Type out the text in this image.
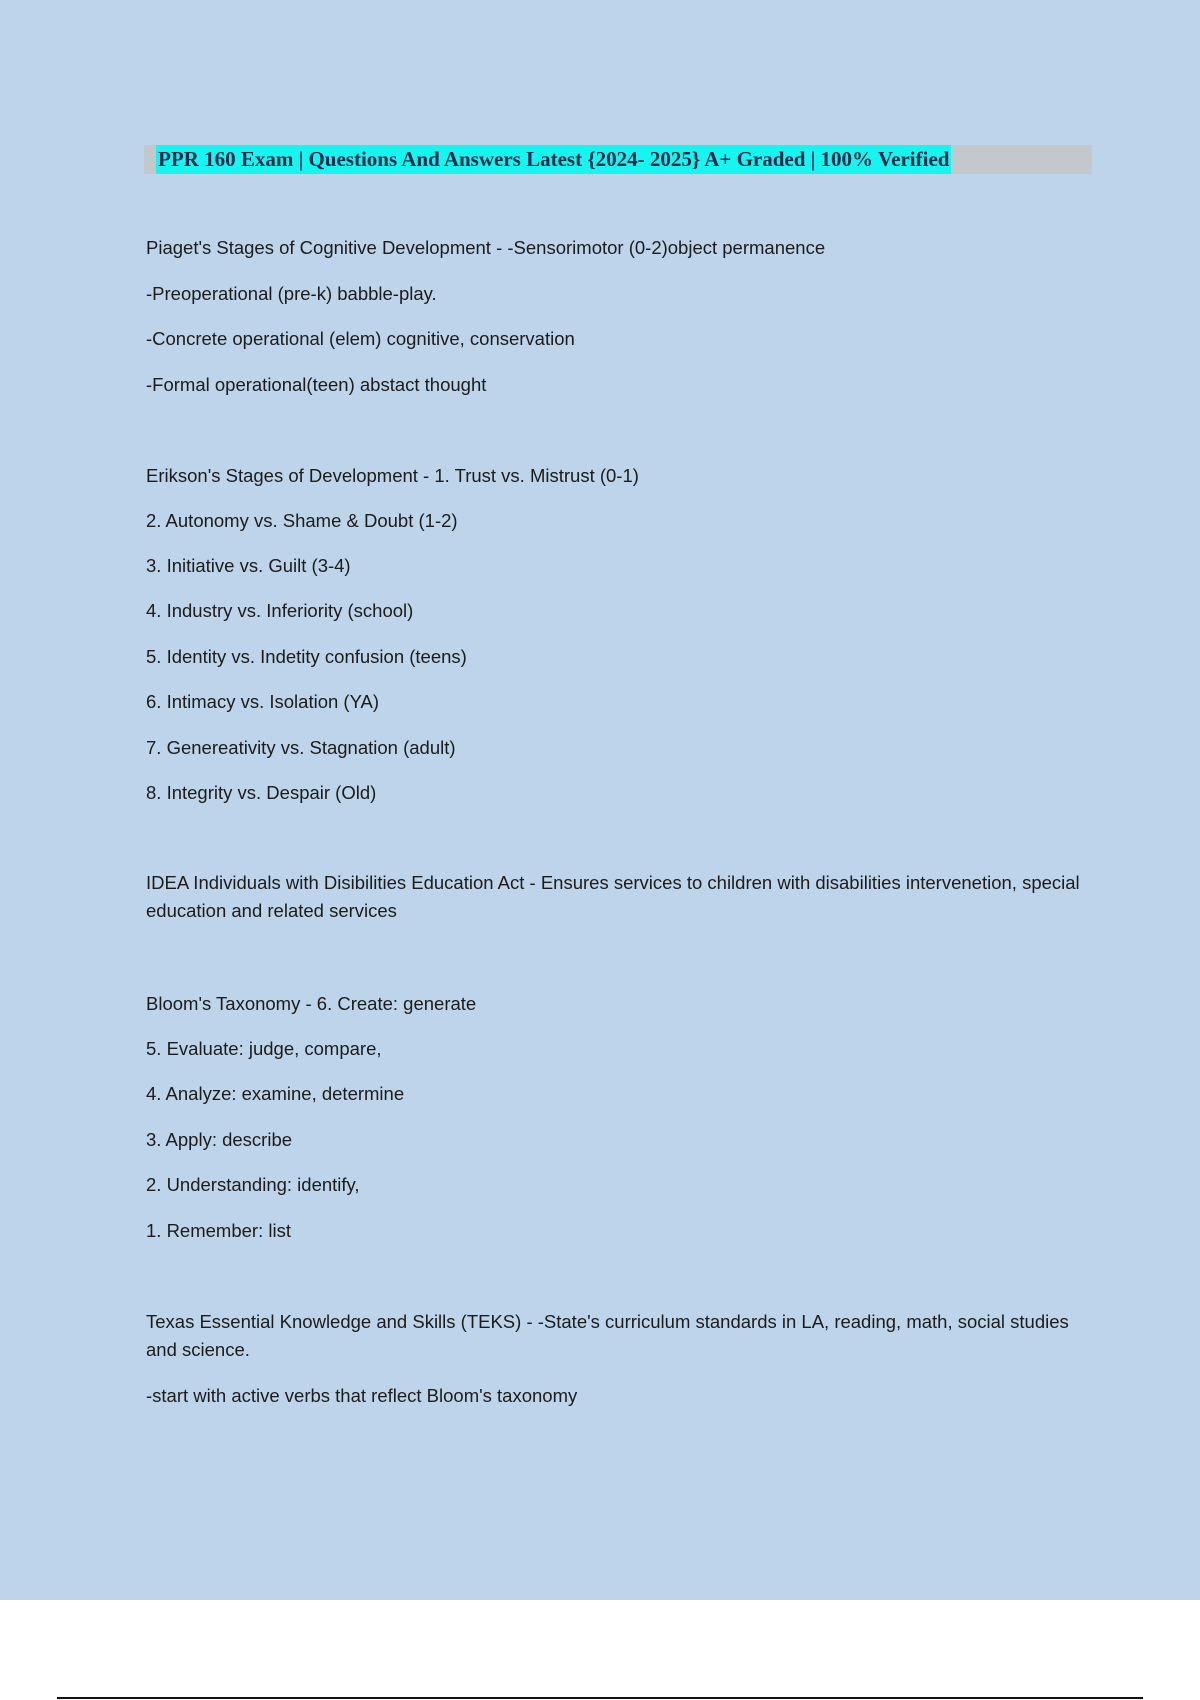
PPR 160 Exam | Questions And Answers Latest {2024- 2025} A+ Graded | 100% Verified
Piaget's Stages of Cognitive Development - -Sensorimotor (0-2)object permanence
-Preoperational (pre-k) babble-play.
-Concrete operational (elem) cognitive, conservation
-Formal operational(teen) abstact thought
Erikson's Stages of Development - 1. Trust vs. Mistrust (0-1)
2. Autonomy vs. Shame & Doubt (1-2)
3. Initiative vs. Guilt (3-4)
4. Industry vs. Inferiority (school)
5. Identity vs. Indetity confusion (teens)
6. Intimacy vs. Isolation (YA)
7. Genereativity vs. Stagnation (adult)
8. Integrity vs. Despair (Old)
IDEA Individuals with Disibilities Education Act - Ensures services to children with disabilities intervenetion, special education and related services
Bloom's Taxonomy - 6. Create: generate
5. Evaluate: judge, compare,
4. Analyze: examine, determine
3. Apply: describe
2. Understanding: identify,
1. Remember: list
Texas Essential Knowledge and Skills (TEKS) - -State's curriculum standards in LA, reading, math, social studies and science.
-start with active verbs that reflect Bloom's taxonomy
